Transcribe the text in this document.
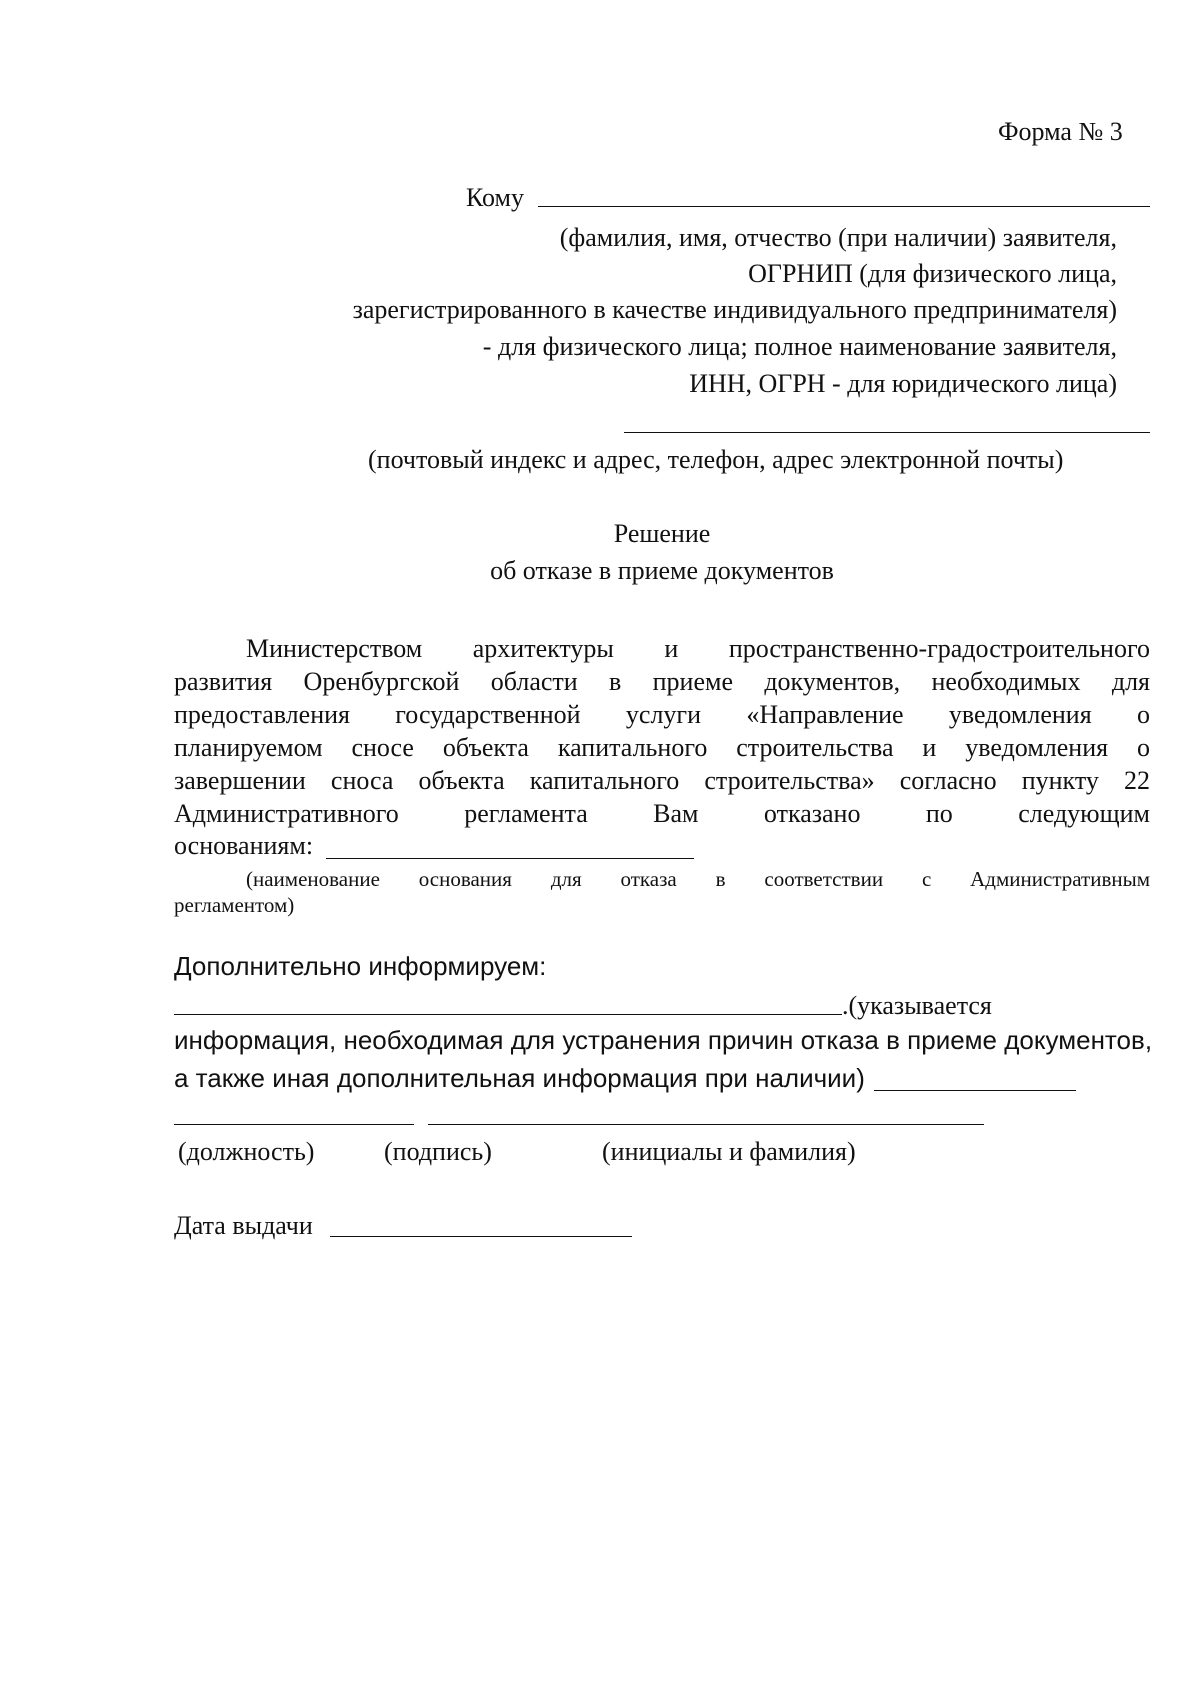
Форма № 3
Кому
(фамилия, имя, отчество (при наличии) заявителя,
ОГРНИП (для физического лица,
зарегистрированного в качестве индивидуального предпринимателя)
- для физического лица; полное наименование заявителя,
ИНН, ОГРН - для юридического лица)
(почтовый индекс и адрес, телефон, адрес электронной почты)
Решение
об отказе в приеме документов
Министерством архитектуры и пространственно-градостроительного
развития Оренбургской области в приеме документов, необходимых для
предоставления государственной услуги «Направление уведомления о
планируемом сносе объекта капитального строительства и уведомления о
завершении сноса объекта капитального строительства» согласно пункту 22
Административного регламента Вам отказано по следующим
основаниям:
(наименование основания для отказа в соответствии с Административным
регламентом)
Дополнительно информируем:
.(указывается
информация, необходимая для устранения причин отказа в приеме документов,
а также иная дополнительная информация при наличии)
(должность)	(подпись)	(инициалы и фамилия)
Дата выдачи
